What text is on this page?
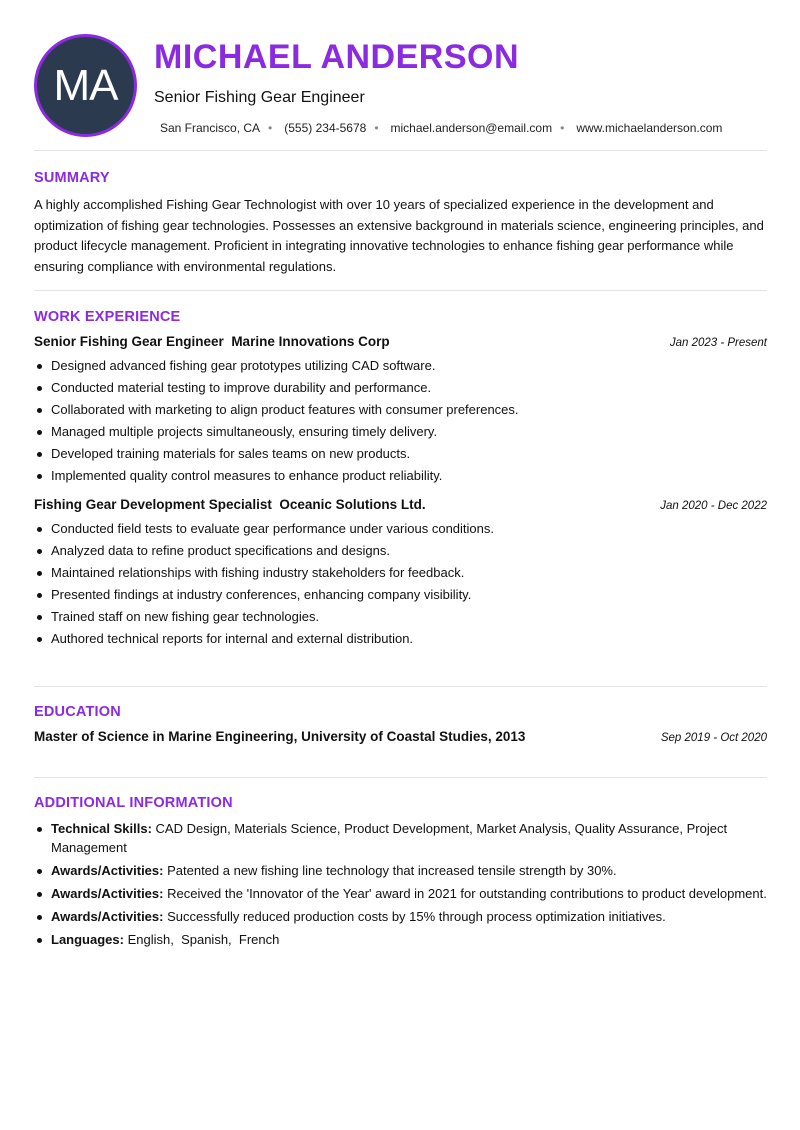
MA
MICHAEL ANDERSON
Senior Fishing Gear Engineer
San Francisco, CA • (555) 234-5678 • michael.anderson@email.com • www.michaelanderson.com
SUMMARY
A highly accomplished Fishing Gear Technologist with over 10 years of specialized experience in the development and optimization of fishing gear technologies. Possesses an extensive background in materials science, engineering principles, and product lifecycle management. Proficient in integrating innovative technologies to enhance fishing gear performance while ensuring compliance with environmental regulations.
WORK EXPERIENCE
Senior Fishing Gear Engineer Marine Innovations Corp	Jan 2023 - Present
Designed advanced fishing gear prototypes utilizing CAD software.
Conducted material testing to improve durability and performance.
Collaborated with marketing to align product features with consumer preferences.
Managed multiple projects simultaneously, ensuring timely delivery.
Developed training materials for sales teams on new products.
Implemented quality control measures to enhance product reliability.
Fishing Gear Development Specialist Oceanic Solutions Ltd.	Jan 2020 - Dec 2022
Conducted field tests to evaluate gear performance under various conditions.
Analyzed data to refine product specifications and designs.
Maintained relationships with fishing industry stakeholders for feedback.
Presented findings at industry conferences, enhancing company visibility.
Trained staff on new fishing gear technologies.
Authored technical reports for internal and external distribution.
EDUCATION
Master of Science in Marine Engineering, University of Coastal Studies, 2013	Sep 2019 - Oct 2020
ADDITIONAL INFORMATION
Technical Skills: CAD Design, Materials Science, Product Development, Market Analysis, Quality Assurance, Project Management
Awards/Activities: Patented a new fishing line technology that increased tensile strength by 30%.
Awards/Activities: Received the 'Innovator of the Year' award in 2021 for outstanding contributions to product development.
Awards/Activities: Successfully reduced production costs by 15% through process optimization initiatives.
Languages: English,  Spanish,  French
